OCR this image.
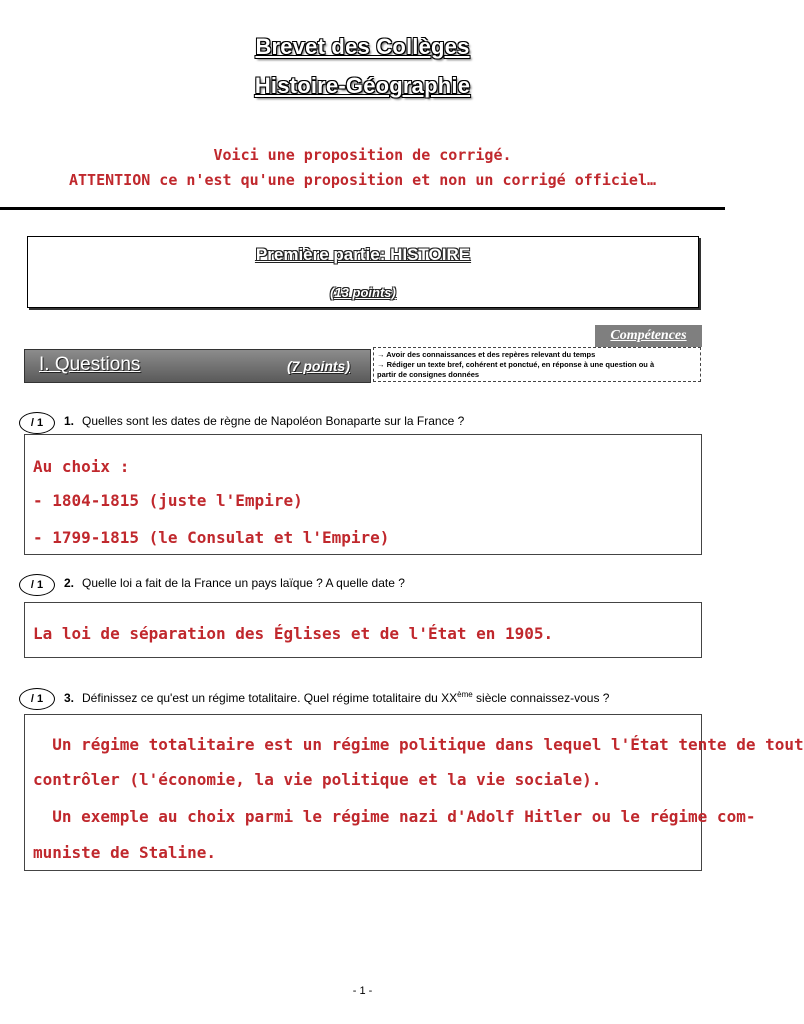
Brevet des Collèges
Histoire-Géographie
Voici une proposition de corrigé.
ATTENTION ce n'est qu'une proposition et non un corrigé officiel…
Première partie: HISTOIRE
(13 points)
Compétences
→ Avoir des connaissances et des repères relevant du temps
→ Rédiger un texte bref, cohérent et ponctué, en réponse à une question ou à
partir de consignes données
I. Questions	(7 points)
/ 1	1. Quelles sont les dates de règne de Napoléon Bonaparte sur la France ?
Au choix :
- 1804-1815 (juste l'Empire)
- 1799-1815 (le Consulat et l'Empire)
/ 1	2. Quelle loi a fait de la France un pays laïque ? A quelle date ?
La loi de séparation des Églises et de l'État en 1905.
/ 1	3. Définissez ce qu'est un régime totalitaire. Quel régime totalitaire du XXème siècle connaissez-vous ?
Un régime totalitaire est un régime politique dans lequel l'État tente de tout
contrôler (l'économie, la vie politique et la vie sociale).
Un exemple au choix parmi le régime nazi d'Adolf Hitler ou le régime com-
muniste de Staline.
- 1 -
